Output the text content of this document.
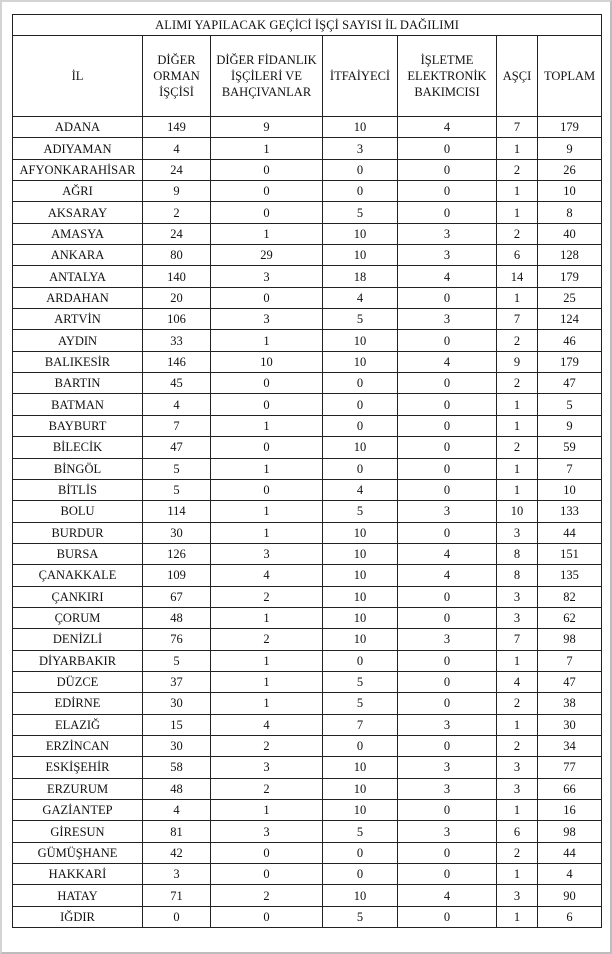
ALIMI YAPILACAK GEÇİCİ İŞÇİ SAYISI İL DAĞILIMI						
İL	DİĞER ORMAN İŞÇİSİ	DİĞER FİDANLIK İŞÇİLERİ VE BAHÇIVANLAR	İTFAİYECİ	İŞLETME ELEKTRONİK BAKIMCISI	AŞÇI	TOPLAM
ADANA	149	9	10	4	7	179
ADIYAMAN	4	1	3	0	1	9
AFYONKARAHİSAR	24	0	0	0	2	26
AĞRI	9	0	0	0	1	10
AKSARAY	2	0	5	0	1	8
AMASYA	24	1	10	3	2	40
ANKARA	80	29	10	3	6	128
ANTALYA	140	3	18	4	14	179
ARDAHAN	20	0	4	0	1	25
ARTVİN	106	3	5	3	7	124
AYDIN	33	1	10	0	2	46
BALIKESİR	146	10	10	4	9	179
BARTIN	45	0	0	0	2	47
BATMAN	4	0	0	0	1	5
BAYBURT	7	1	0	0	1	9
BİLECİK	47	0	10	0	2	59
BİNGÖL	5	1	0	0	1	7
BİTLİS	5	0	4	0	1	10
BOLU	114	1	5	3	10	133
BURDUR	30	1	10	0	3	44
BURSA	126	3	10	4	8	151
ÇANAKKALE	109	4	10	4	8	135
ÇANKIRI	67	2	10	0	3	82
ÇORUM	48	1	10	0	3	62
DENİZLİ	76	2	10	3	7	98
DİYARBAKIR	5	1	0	0	1	7
DÜZCE	37	1	5	0	4	47
EDİRNE	30	1	5	0	2	38
ELAZIĞ	15	4	7	3	1	30
ERZİNCAN	30	2	0	0	2	34
ESKİŞEHİR	58	3	10	3	3	77
ERZURUM	48	2	10	3	3	66
GAZİANTEP	4	1	10	0	1	16
GİRESUN	81	3	5	3	6	98
GÜMÜŞHANE	42	0	0	0	2	44
HAKKARİ	3	0	0	0	1	4
HATAY	71	2	10	4	3	90
IĞDIR	0	0	5	0	1	6
